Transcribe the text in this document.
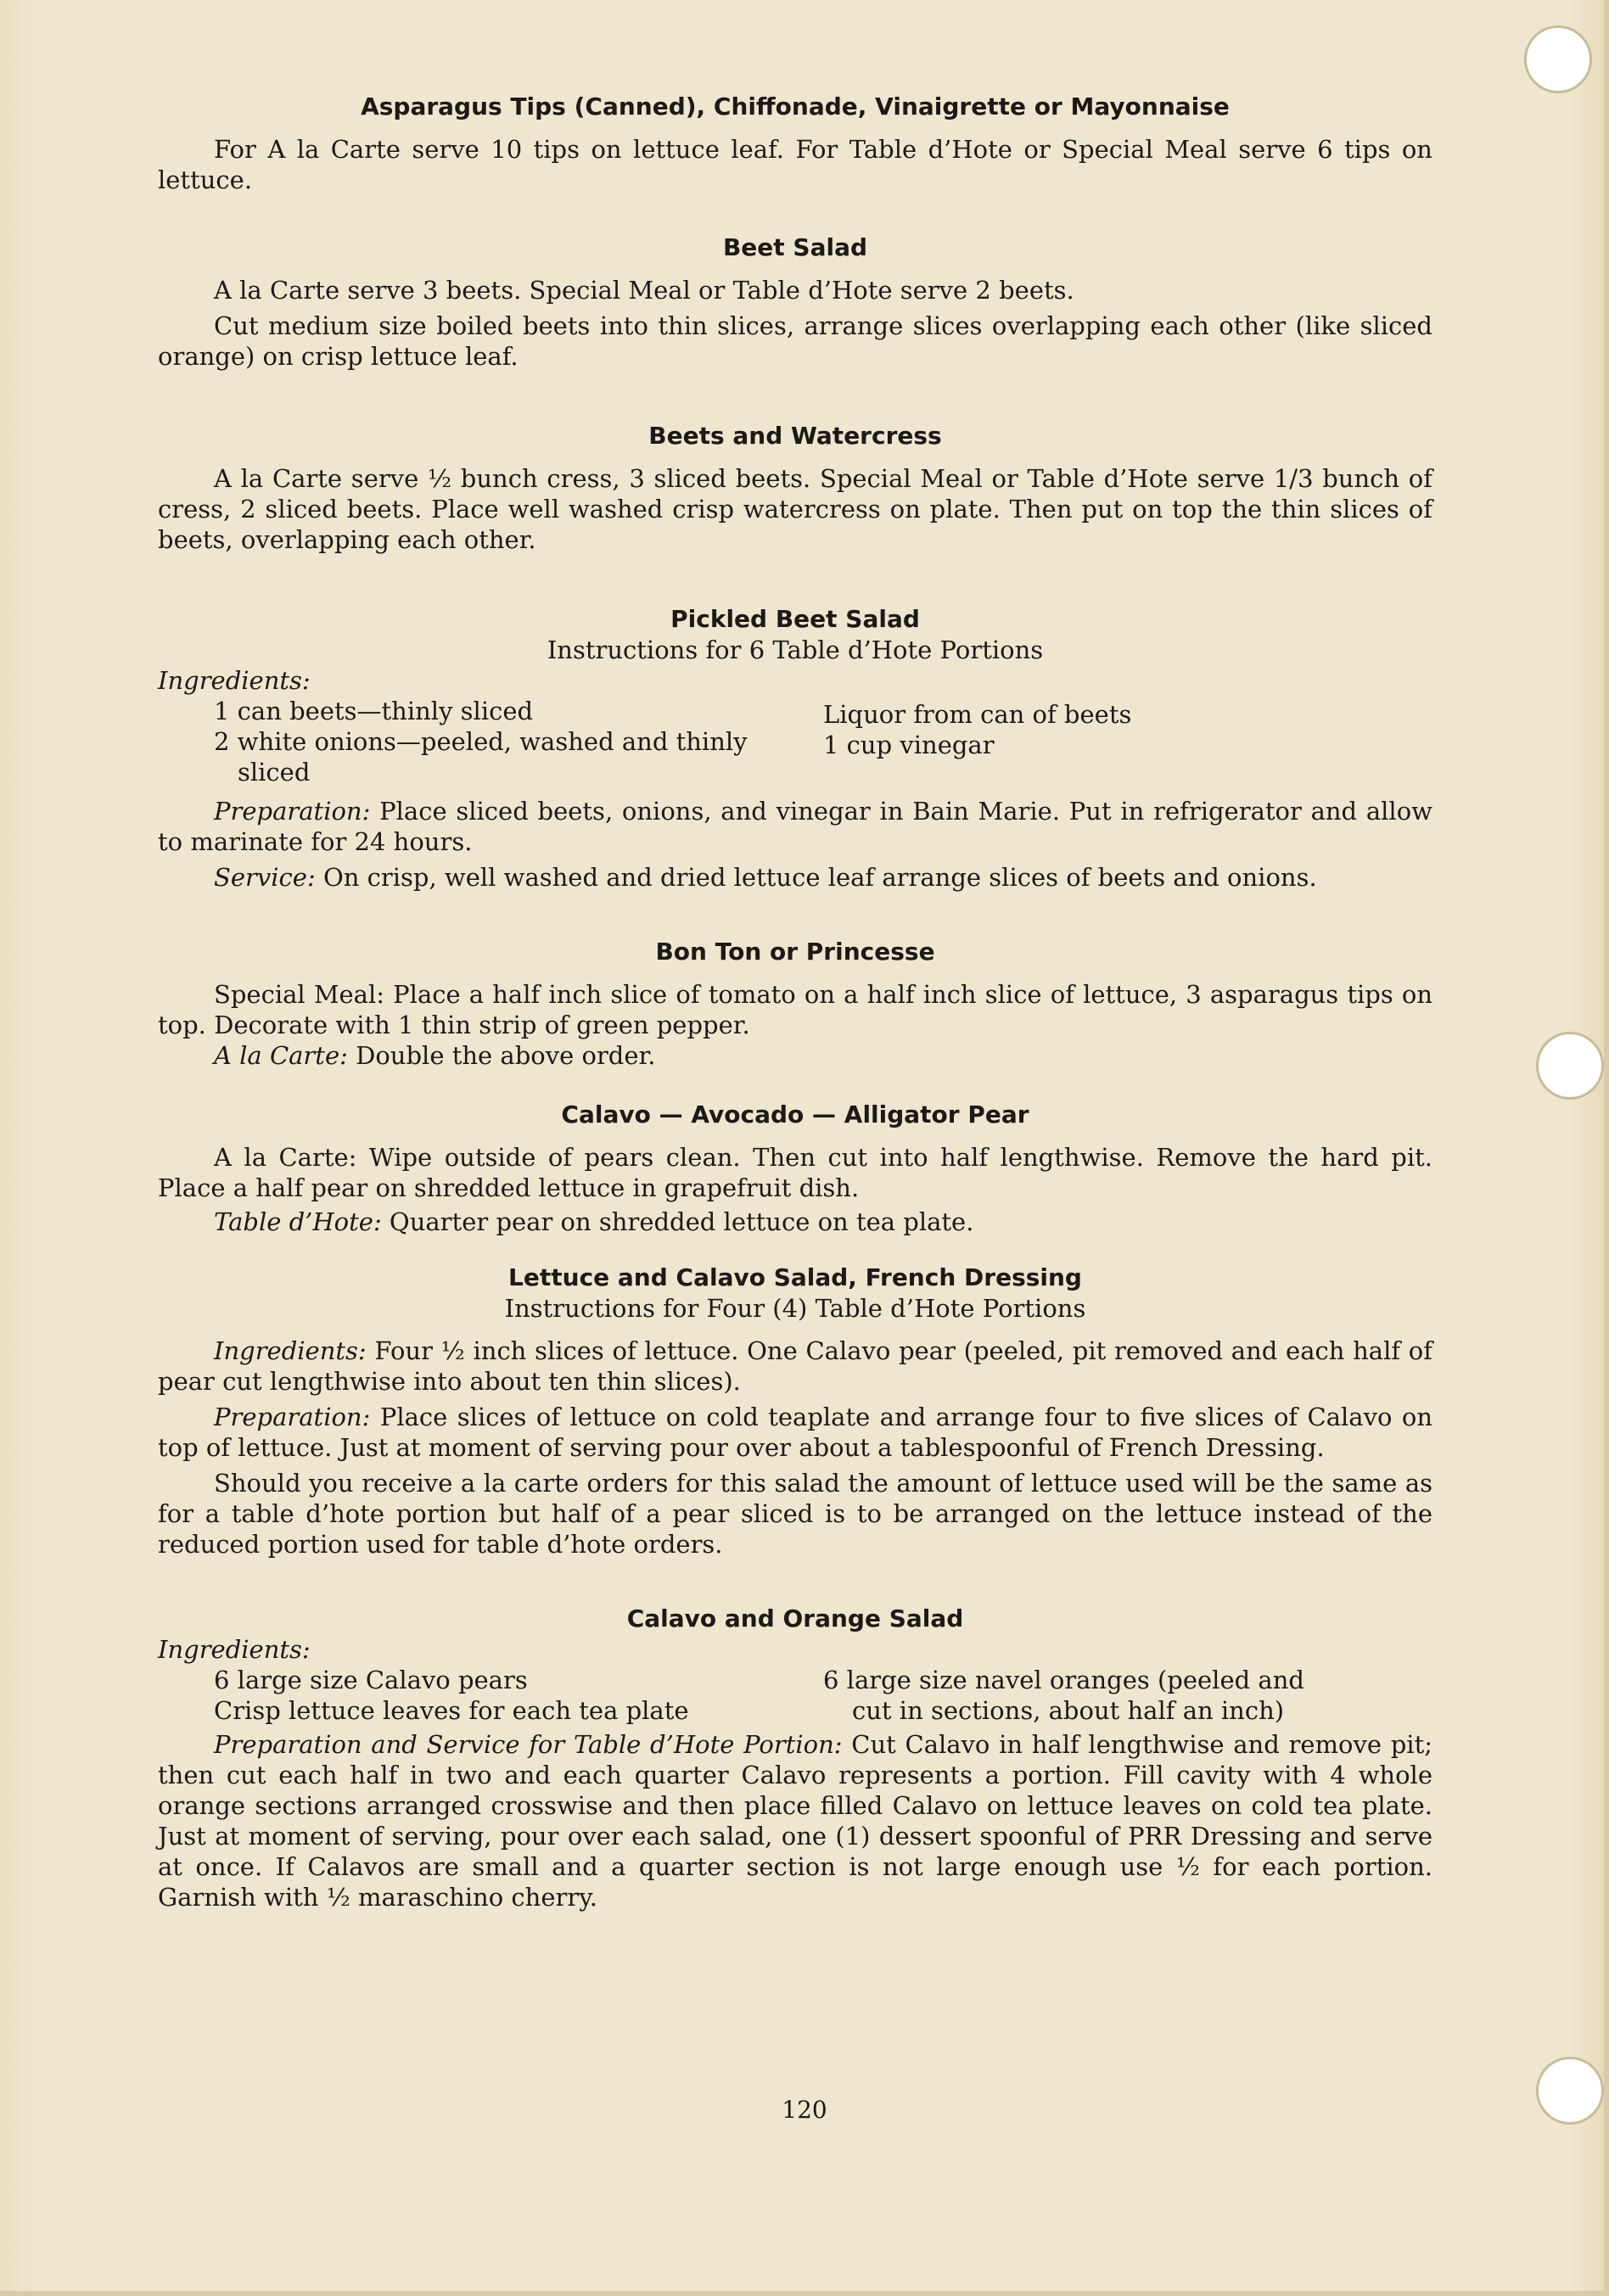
Asparagus Tips (Canned), Chiffonade, Vinaigrette or Mayonnaise

For A la Carte serve 10 tips on lettuce leaf. For Table d’Hote or Special Meal serve 6 tips on lettuce.

Beet Salad

A la Carte serve 3 beets. Special Meal or Table d’Hote serve 2 beets.

Cut medium size boiled beets into thin slices, arrange slices overlapping each other (like sliced orange) on crisp lettuce leaf.

Beets and Watercress

A la Carte serve ½ bunch cress, 3 sliced beets. Special Meal or Table d’Hote serve 1/3 bunch of cress, 2 sliced beets. Place well washed crisp watercress on plate. Then put on top the thin slices of beets, overlapping each other.

Pickled Beet Salad

Instructions for 6 Table d’Hote Portions

Ingredients:

1 can beets—thinly sliced

2 white onions—peeled, washed and thinly

sliced

Liquor from can of beets

1 cup vinegar

Preparation: Place sliced beets, onions, and vinegar in Bain Marie. Put in refrigerator and allow to marinate for 24 hours.

Service: On crisp, well washed and dried lettuce leaf arrange slices of beets and onions.

Bon Ton or Princesse

Special Meal: Place a half inch slice of tomato on a half inch slice of lettuce, 3 asparagus tips on top. Decorate with 1 thin strip of green pepper.

A la Carte: Double the above order.

Calavo — Avocado — Alligator Pear

A la Carte: Wipe outside of pears clean. Then cut into half lengthwise. Remove the hard pit. Place a half pear on shredded lettuce in grapefruit dish.

Table d’Hote: Quarter pear on shredded lettuce on tea plate.

Lettuce and Calavo Salad, French Dressing

Instructions for Four (4) Table d’Hote Portions

Ingredients: Four ½ inch slices of lettuce. One Calavo pear (peeled, pit removed and each half of pear cut lengthwise into about ten thin slices).

Preparation: Place slices of lettuce on cold teaplate and arrange four to five slices of Calavo on top of lettuce. Just at moment of serving pour over about a tablespoonful of French Dressing.

Should you receive a la carte orders for this salad the amount of lettuce used will be the same as for a table d’hote portion but half of a pear sliced is to be arranged on the lettuce instead of the reduced portion used for table d’hote orders.

Calavo and Orange Salad

Ingredients:

6 large size Calavo pears

Crisp lettuce leaves for each tea plate

6 large size navel oranges (peeled and

cut in sections, about half an inch)

Preparation and Service for Table d’Hote Portion: Cut Calavo in half lengthwise and remove pit; then cut each half in two and each quarter Calavo represents a portion. Fill cavity with 4 whole orange sections arranged crosswise and then place filled Calavo on lettuce leaves on cold tea plate. Just at moment of serving, pour over each salad, one (1) dessert spoonful of PRR Dressing and serve at once. If Calavos are small and a quarter section is not large enough use ½ for each portion. Garnish with ½ maraschino cherry.

120
